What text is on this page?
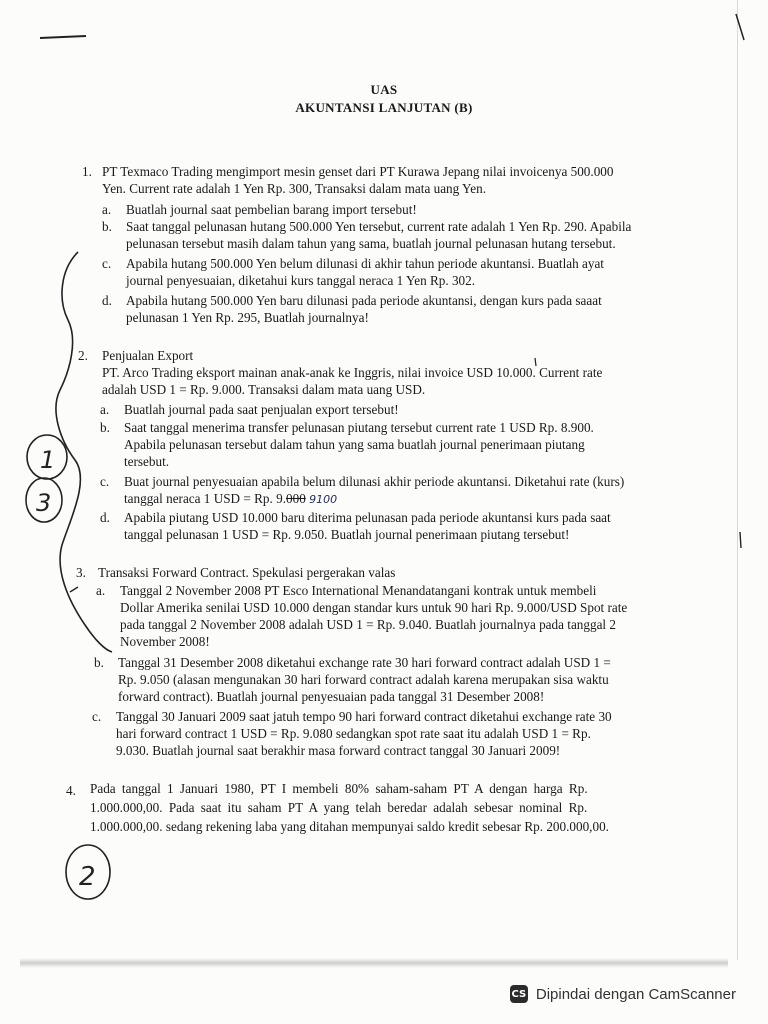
1
3
2
UAS
AKUNTANSI LANJUTAN (B)
1. PT Texmaco Trading mengimport mesin genset dari PT Kurawa Jepang nilai invoicenya 500.000
Yen. Current rate adalah 1 Yen Rp. 300, Transaksi dalam mata uang Yen.
a. Buatlah journal saat pembelian barang import tersebut!
b. Saat tanggal pelunasan hutang 500.000 Yen tersebut, current rate adalah 1 Yen Rp. 290. Apabila
pelunasan tersebut masih dalam tahun yang sama, buatlah journal pelunasan hutang tersebut.
c. Apabila hutang 500.000 Yen belum dilunasi di akhir tahun periode akuntansi. Buatlah ayat
journal penyesuaian, diketahui kurs tanggal neraca 1 Yen Rp. 302.
d. Apabila hutang 500.000 Yen baru dilunasi pada periode akuntansi, dengan kurs pada saaat
pelunasan 1 Yen Rp. 295, Buatlah journalnya!
2. Penjualan Export
PT. Arco Trading eksport mainan anak-anak ke Inggris, nilai invoice USD 10.000. Current rate
adalah USD 1 = Rp. 9.000. Transaksi dalam mata uang USD.
a. Buatlah journal pada saat penjualan export tersebut!
b. Saat tanggal menerima transfer pelunasan piutang tersebut current rate 1 USD Rp. 8.900.
Apabila pelunasan tersebut dalam tahun yang sama buatlah journal penerimaan piutang
tersebut.
c. Buat journal penyesuaian apabila belum dilunasi akhir periode akuntansi. Diketahui rate (kurs)
tanggal neraca 1 USD = Rp. 9.000 9100
d. Apabila piutang USD 10.000 baru diterima pelunasan pada periode akuntansi kurs pada saat
tanggal pelunasan 1 USD = Rp. 9.050. Buatlah journal penerimaan piutang tersebut!
3. Transaksi Forward Contract. Spekulasi pergerakan valas
a. Tanggal 2 November 2008 PT Esco International Menandatangani kontrak untuk membeli
Dollar Amerika senilai USD 10.000 dengan standar kurs untuk 90 hari Rp. 9.000/USD Spot rate
pada tanggal 2 November 2008 adalah USD 1 = Rp. 9.040. Buatlah journalnya pada tanggal 2
November 2008!
b. Tanggal 31 Desember 2008 diketahui exchange rate 30 hari forward contract adalah USD 1 =
Rp. 9.050 (alasan mengunakan 30 hari forward contract adalah karena merupakan sisa waktu
forward contract). Buatlah journal penyesuaian pada tanggal 31 Desember 2008!
c. Tanggal 30 Januari 2009 saat jatuh tempo 90 hari forward contract diketahui exchange rate 30
hari forward contract 1 USD = Rp. 9.080 sedangkan spot rate saat itu adalah USD 1 = Rp.
9.030. Buatlah journal saat berakhir masa forward contract tanggal 30 Januari 2009!
4. Pada tanggal 1 Januari 1980, PT I membeli 80% saham-saham PT A dengan harga Rp.
1.000.000,00. Pada saat itu saham PT A yang telah beredar adalah sebesar nominal Rp.
1.000.000,00. sedang rekening laba yang ditahan mempunyai saldo kredit sebesar Rp. 200.000,00.
CS Dipindai dengan CamScanner
